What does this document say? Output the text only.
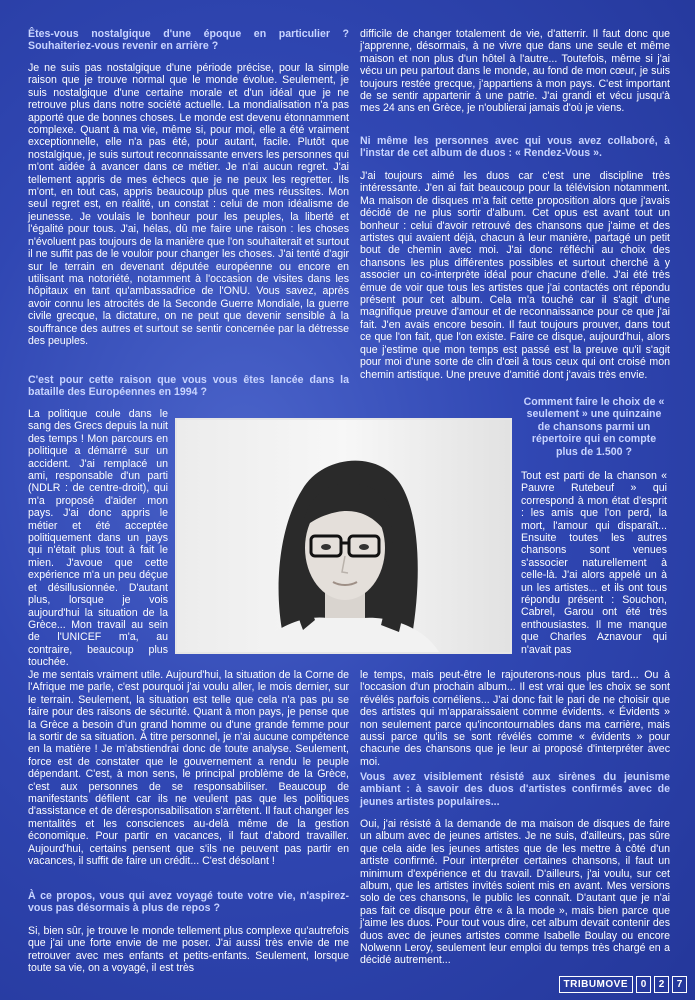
Êtes-vous nostalgique d'une époque en particulier ? Souhaiteriez-vous revenir en arrière ?

Je ne suis pas nostalgique d'une période précise, pour la simple raison que je trouve normal que le monde évolue. Seulement, je suis nostalgique d'une certaine morale et d'un idéal que je ne retrouve plus dans notre société actuelle. La mondialisation n'a pas apporté que de bonnes choses. Le monde est devenu étonnamment complexe. Quant à ma vie, même si, pour moi, elle a été vraiment exceptionnelle, elle n'a pas été, pour autant, facile. Plutôt que nostalgique, je suis surtout reconnaissante envers les personnes qui m'ont aidée à avancer dans ce métier. Je n'ai aucun regret. J'ai tellement appris de mes échecs que je ne peux les regretter. Ils m'ont, en tout cas, appris beaucoup plus que mes réussites. Mon seul regret est, en réalité, un constat : celui de mon idéalisme de jeunesse. Je voulais le bonheur pour les peuples, la liberté et l'égalité pour tous. J'ai, hélas, dû me faire une raison : les choses n'évoluent pas toujours de la manière que l'on souhaiterait et surtout il ne suffit pas de le vouloir pour changer les choses. J'ai tenté d'agir sur le terrain en devenant députée européenne ou encore en utilisant ma notoriété, notamment à l'occasion de visites dans les hôpitaux en tant qu'ambassadrice de l'ONU. Vous savez, après avoir connu les atrocités de la Seconde Guerre Mondiale, la guerre civile grecque, la dictature, on ne peut que devenir sensible à la souffrance des autres et surtout se sentir concernée par la détresse des peuples.

C'est pour cette raison que vous vous êtes lancée dans la bataille des Européennes en 1994 ?

La politique coule dans le sang des Grecs depuis la nuit des temps ! Mon parcours en politique a démarré sur un accident. J'ai remplacé un ami, responsable d'un parti (NDLR : de centre-droit), qui m'a proposé d'aider mon pays. J'ai donc appris le métier et été acceptée politiquement dans un pays qui n'était plus tout à fait le mien. J'avoue que cette expérience m'a un peu déçue et désillusionnée. D'autant plus, lorsque je vois aujourd'hui la situation de la Grèce... Mon travail au sein de l'UNICEF m'a, au contraire, beaucoup plus touchée.

Je me sentais vraiment utile. Aujourd'hui, la situation de la Corne de l'Afrique me parle, c'est pourquoi j'ai voulu aller, le mois dernier, sur le terrain. Seulement, la situation est telle que cela n'a pas pu se faire pour des raisons de sécurité. Quant à mon pays, je pense que la Grèce a besoin d'un grand homme ou d'une grande femme pour la sortir de sa situation. À titre personnel, je n'ai aucune compétence en la matière ! Je m'abstiendrai donc de toute analyse. Seulement, force est de constater que le gouvernement a rendu le peuple dépendant. C'est, à mon sens, le principal problème de la Grèce, c'est aux personnes de se responsabiliser. Beaucoup de manifestants défilent car ils ne veulent pas que les politiques d'assistance et de déresponsabilisation s'arrêtent. Il faut changer les mentalités et les consciences au-delà même de la gestion économique. Pour partir en vacances, il faut d'abord travailler. Aujourd'hui, certains pensent que s'ils ne peuvent pas partir en vacances, il suffit de faire un crédit... C'est désolant !

À ce propos, vous qui avez voyagé toute votre vie, n'aspirez-vous pas désormais à plus de repos ?

Si, bien sûr, je trouve le monde tellement plus complexe qu'autrefois que j'ai une forte envie de me poser. J'ai aussi très envie de me retrouver avec mes enfants et petits-enfants. Seulement, lorsque toute sa vie, on a voyagé, il est très

difficile de changer totalement de vie, d'atterrir. Il faut donc que j'apprenne, désormais, à ne vivre que dans une seule et même maison et non plus d'un hôtel à l'autre... Toutefois, même si j'ai vécu un peu partout dans le monde, au fond de mon cœur, je suis toujours restée grecque, j'appartiens à mon pays. C'est important de se sentir appartenir à une patrie. J'ai grandi et vécu jusqu'à mes 24 ans en Grèce, je n'oublierai jamais d'où je viens.

Ni même les personnes avec qui vous avez collaboré, à l'instar de cet album de duos : « Rendez-Vous ».

J'ai toujours aimé les duos car c'est une discipline très intéressante. J'en ai fait beaucoup pour la télévision notamment. Ma maison de disques m'a fait cette proposition alors que j'avais décidé de ne plus sortir d'album. Cet opus est avant tout un bonheur : celui d'avoir retrouvé des chansons que j'aime et des artistes qui avaient déjà, chacun à leur manière, partagé un petit bout de chemin avec moi. J'ai donc réfléchi au choix des chansons les plus différentes possibles et surtout cherché à y associer un co-interprète idéal pour chacune d'elle. J'ai été très émue de voir que tous les artistes que j'ai contactés ont répondu présent pour cet album. Cela m'a touché car il s'agit d'une magnifique preuve d'amour et de reconnaissance pour ce que j'ai fait. J'en avais encore besoin. Il faut toujours prouver, dans tout ce que l'on fait, que l'on existe. Faire ce disque, aujourd'hui, alors que j'estime que mon temps est passé est la preuve qu'il s'agit pour moi d'une sorte de clin d'œil à tous ceux qui ont croisé mon chemin artistique. Une preuve d'amitié dont j'avais très envie.

Comment faire le choix de « seulement » une quinzaine de chansons parmi un répertoire qui en compte plus de 1.500 ?

Tout est parti de la chanson « Pauvre Rutebeuf » qui correspond à mon état d'esprit : les amis que l'on perd, la mort, l'amour qui disparaît... Ensuite toutes les autres chansons sont venues s'associer naturellement à celle-là. J'ai alors appelé un à un les artistes... et ils ont tous répondu présent : Souchon, Cabrel, Garou ont été très enthousiastes. Il me manque que Charles Aznavour qui n'avait pas

le temps, mais peut-être le rajouterons-nous plus tard... Ou à l'occasion d'un prochain album... Il est vrai que les choix se sont révélés parfois cornéliens... J'ai donc fait le pari de ne choisir que des artistes qui m'apparaissaient comme évidents. « Évidents » non seulement parce qu'incontournables dans ma carrière, mais aussi parce qu'ils se sont révélés comme « évidents » pour chacune des chansons que je leur ai proposé d'interpréter avec moi.

Vous avez visiblement résisté aux sirènes du jeunisme ambiant : à savoir des duos d'artistes confirmés avec de jeunes artistes populaires...

Oui, j'ai résisté à la demande de ma maison de disques de faire un album avec de jeunes artistes. Je ne suis, d'ailleurs, pas sûre que cela aide les jeunes artistes que de les mettre à côté d'un artiste confirmé. Pour interpréter certaines chansons, il faut un minimum d'expérience et du travail. D'ailleurs, j'ai voulu, sur cet album, que les artistes invités soient mis en avant. Mes versions solo de ces chansons, le public les connaît. D'autant que je n'ai pas fait ce disque pour être « à la mode », mais bien parce que j'aime les duos. Pour tout vous dire, cet album devait contenir des duos avec de jeunes artistes comme Isabelle Boulay ou encore Nolwenn Leroy, seulement leur emploi du temps très chargé en a décidé autrement...

TRIBUMOVE	0	2	7
